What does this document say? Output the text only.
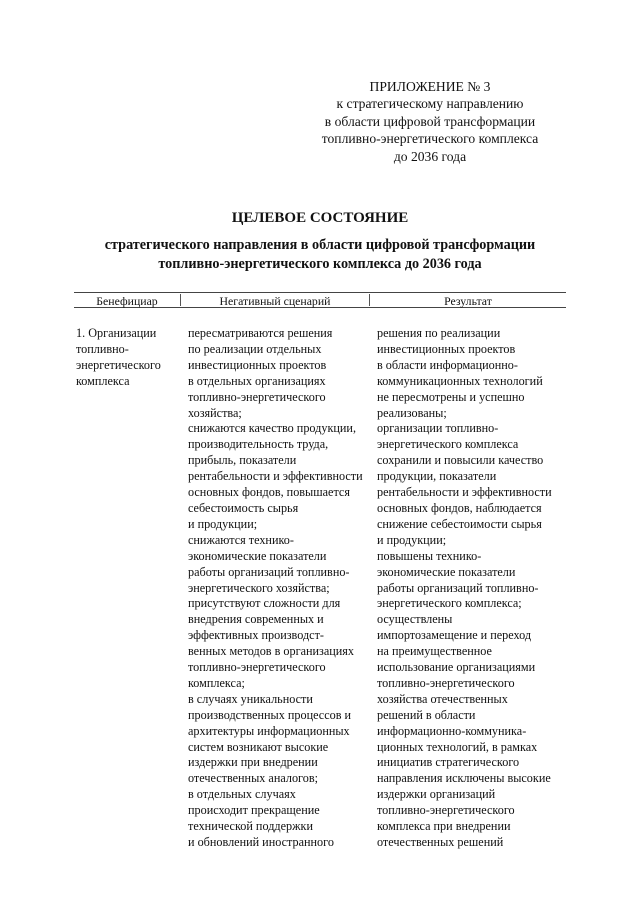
ПРИЛОЖЕНИЕ № 3
к стратегическому направлению
в области цифровой трансформации
топливно-энергетического комплекса
до 2036 года
ЦЕЛЕВОЕ СОСТОЯНИЕ
стратегического направления в области цифровой трансформации
топливно-энергетического комплекса до 2036 года
Бенефициар	Негативный сценарий	Результат
1. Организации
топливно-
энергетического
комплекса
пересматриваются решения
по реализации отдельных
инвестиционных проектов
в отдельных организациях
топливно-энергетического
хозяйства;
снижаются качество продукции,
производительность труда,
прибыль, показатели
рентабельности и эффективности
основных фондов, повышается
себестоимость сырья
и продукции;
снижаются технико-
экономические показатели
работы организаций топливно-
энергетического хозяйства;
присутствуют сложности для
внедрения современных и
эффективных производст-
венных методов в организациях
топливно-энергетического
комплекса;
в случаях уникальности
производственных процессов и
архитектуры информационных
систем возникают высокие
издержки при внедрении
отечественных аналогов;
в отдельных случаях
происходит прекращение
технической поддержки
и обновлений иностранного
решения по реализации
инвестиционных проектов
в области информационно-
коммуникационных технологий
не пересмотрены и успешно
реализованы;
организации топливно-
энергетического комплекса
сохранили и повысили качество
продукции, показатели
рентабельности и эффективности
основных фондов, наблюдается
снижение себестоимости сырья
и продукции;
повышены технико-
экономические показатели
работы организаций топливно-
энергетического комплекса;
осуществлены
импортозамещение и переход
на преимущественное
использование организациями
топливно-энергетического
хозяйства отечественных
решений в области
информационно-коммуника-
ционных технологий, в рамках
инициатив стратегического
направления исключены высокие
издержки организаций
топливно-энергетического
комплекса при внедрении
отечественных решений
